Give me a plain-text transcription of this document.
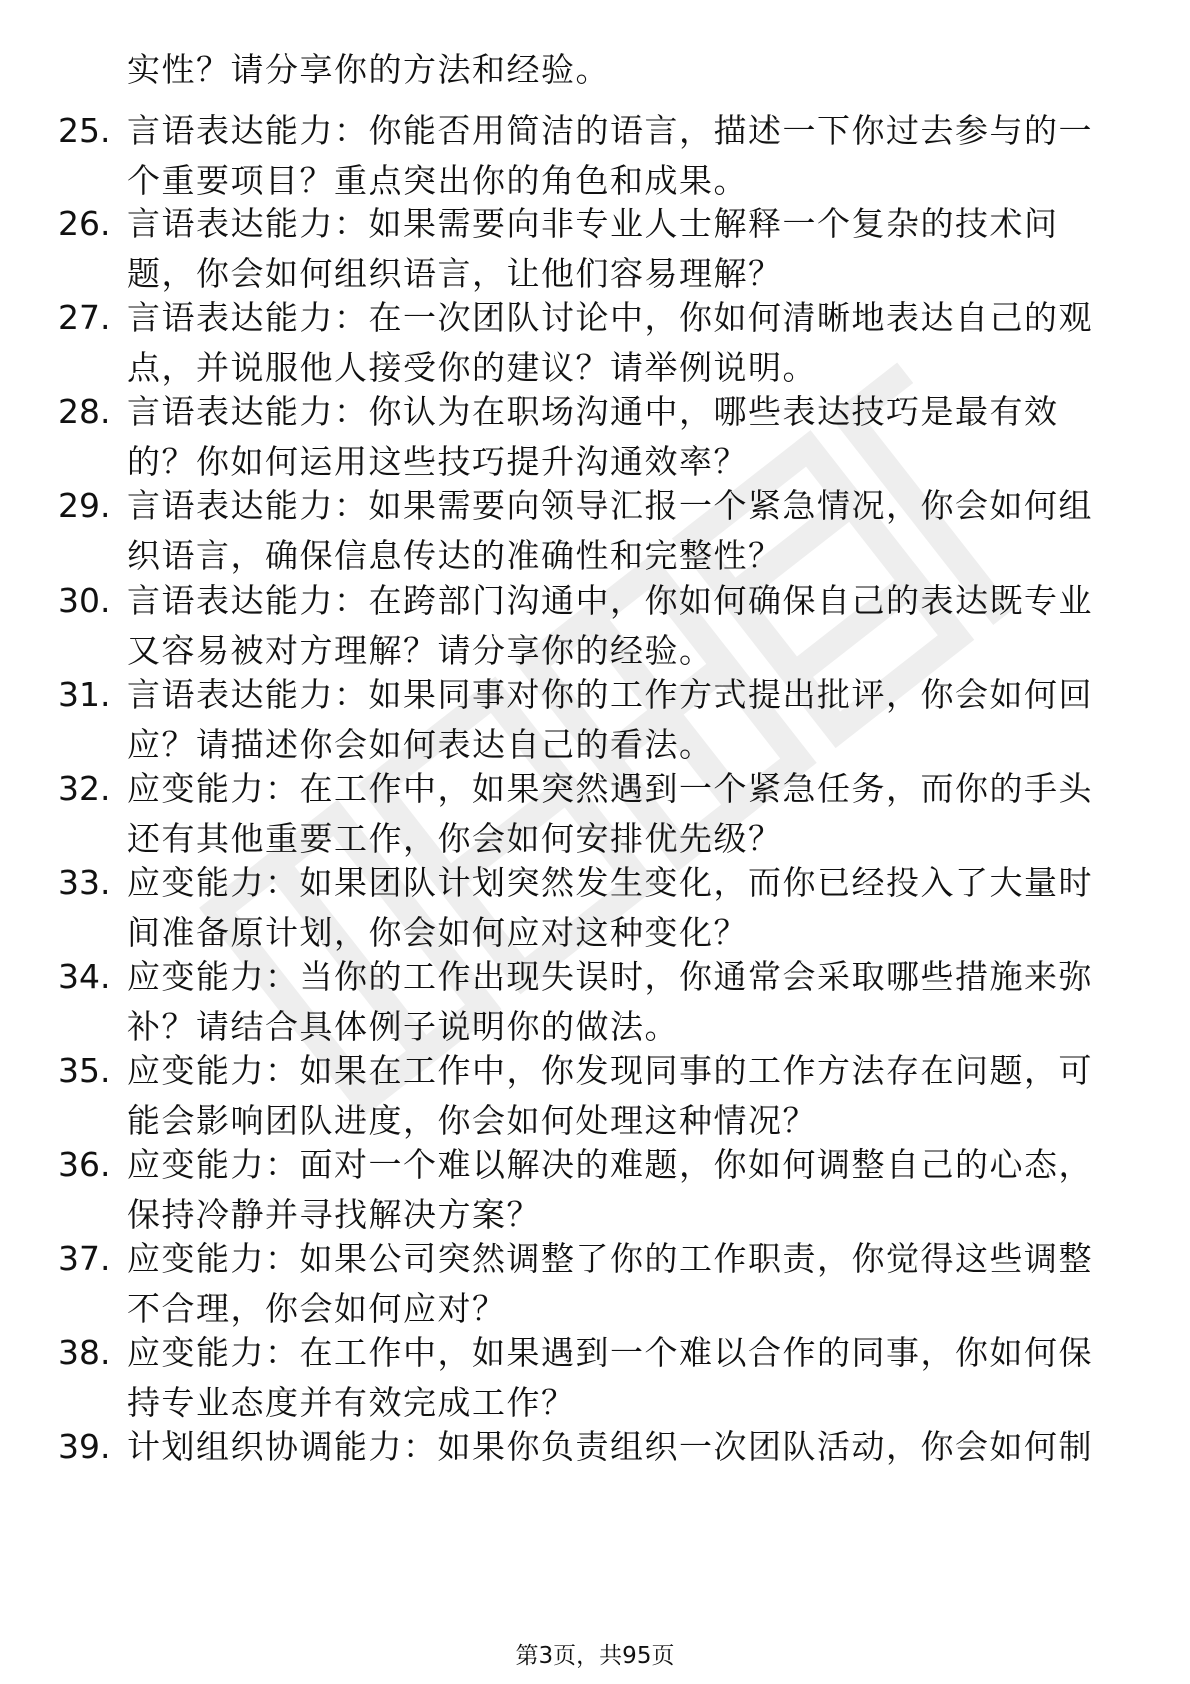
实性？请分享你的方法和经验。
25. 言语表达能力：你能否用简洁的语言，描述一下你过去参与的一个重要项目？重点突出你的角色和成果。
26. 言语表达能力：如果需要向非专业人士解释一个复杂的技术问题，你会如何组织语言，让他们容易理解？
27. 言语表达能力：在一次团队讨论中，你如何清晰地表达自己的观点，并说服他人接受你的建议？请举例说明。
28. 言语表达能力：你认为在职场沟通中，哪些表达技巧是最有效的？你如何运用这些技巧提升沟通效率？
29. 言语表达能力：如果需要向领导汇报一个紧急情况，你会如何组织语言，确保信息传达的准确性和完整性？
30. 言语表达能力：在跨部门沟通中，你如何确保自己的表达既专业又容易被对方理解？请分享你的经验。
31. 言语表达能力：如果同事对你的工作方式提出批评，你会如何回应？请描述你会如何表达自己的看法。
32. 应变能力：在工作中，如果突然遇到一个紧急任务，而你的手头还有其他重要工作，你会如何安排优先级？
33. 应变能力：如果团队计划突然发生变化，而你已经投入了大量时间准备原计划，你会如何应对这种变化？
34. 应变能力：当你的工作出现失误时，你通常会采取哪些措施来弥补？请结合具体例子说明你的做法。
35. 应变能力：如果在工作中，你发现同事的工作方法存在问题，可能会影响团队进度，你会如何处理这种情况？
36. 应变能力：面对一个难以解决的难题，你如何调整自己的心态，保持冷静并寻找解决方案？
37. 应变能力：如果公司突然调整了你的工作职责，你觉得这些调整不合理，你会如何应对？
38. 应变能力：在工作中，如果遇到一个难以合作的同事，你如何保持专业态度并有效完成工作？
39. 计划组织协调能力：如果你负责组织一次团队活动，你会如何制
第3页，共95页
